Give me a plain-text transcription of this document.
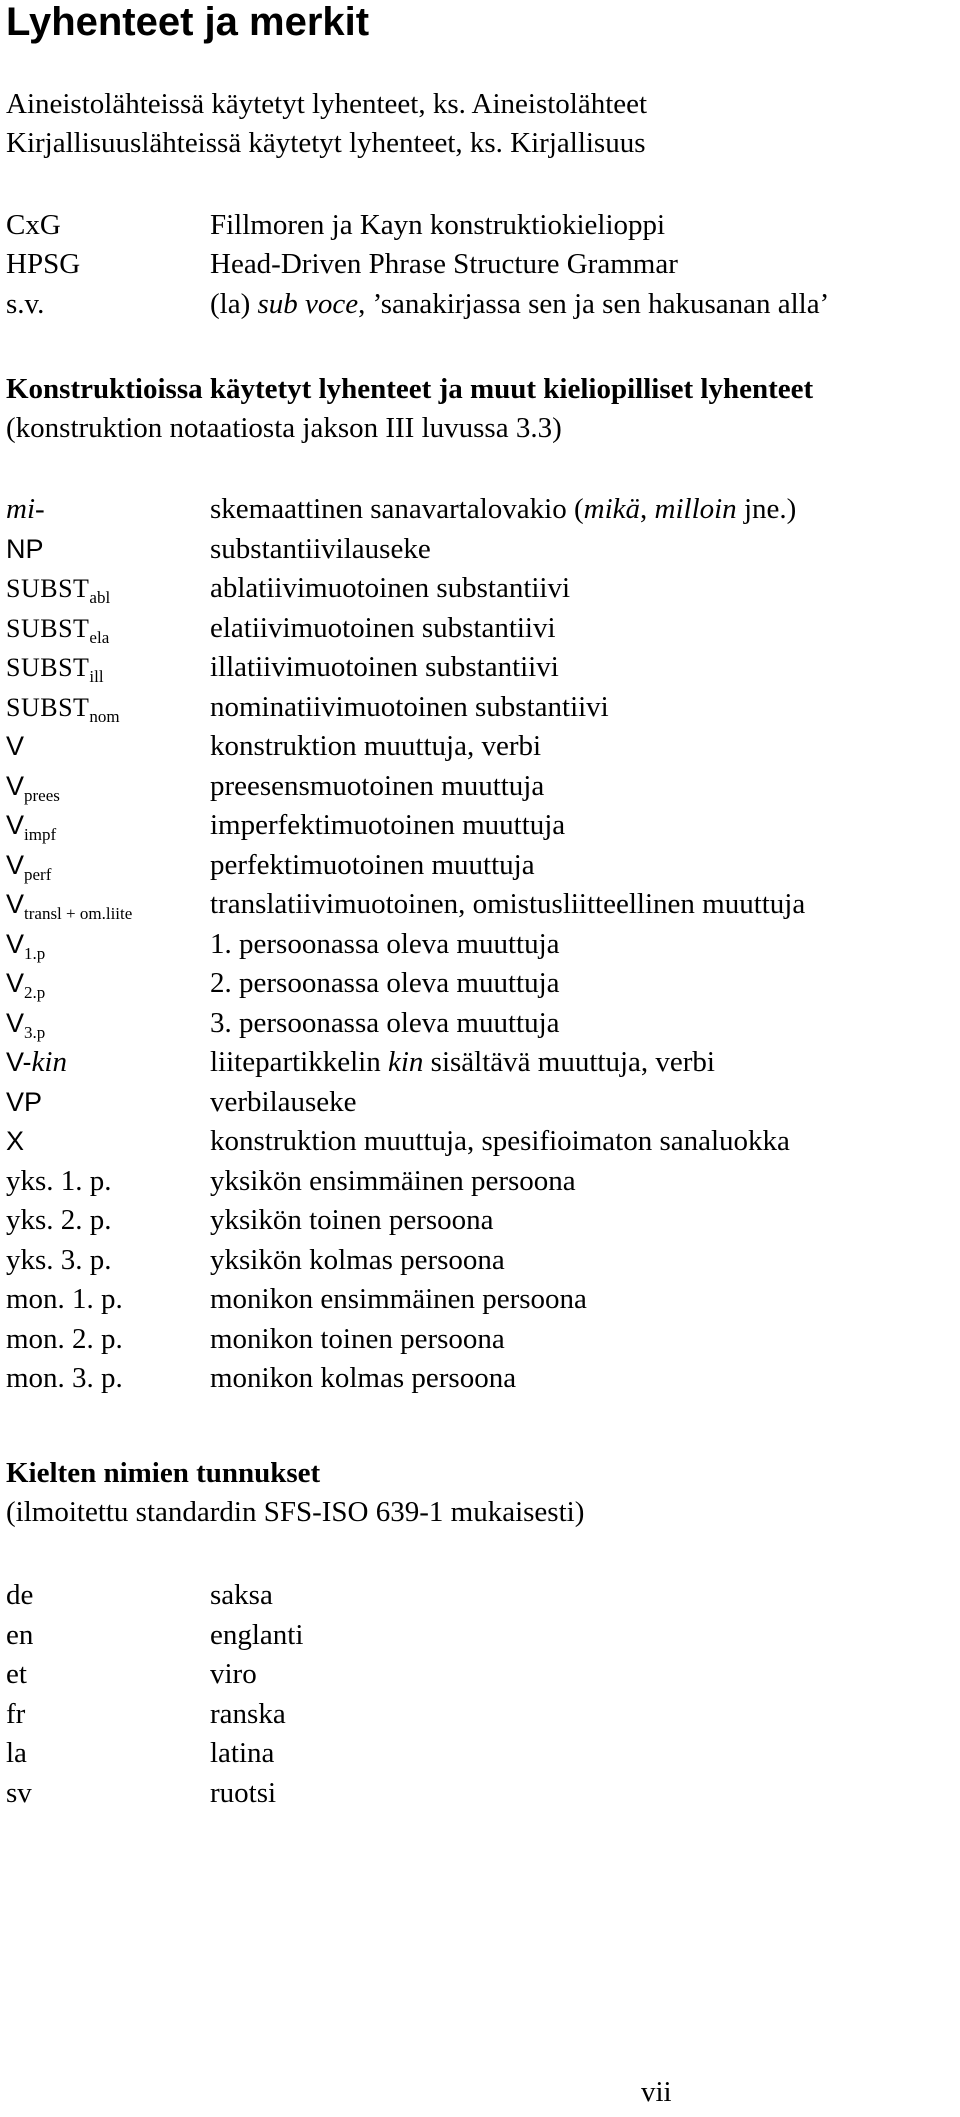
Lyhenteet ja merkit
Aineistolähteissä käytetyt lyhenteet, ks. Aineistolähteet
Kirjallisuuslähteissä käytetyt lyhenteet, ks. Kirjallisuus
CxG	Fillmoren ja Kayn konstruktiokielioppi
HPSG	Head-Driven Phrase Structure Grammar
s.v.	(la) sub voce, ’sanakirjassa sen ja sen hakusanan alla’
Konstruktioissa käytetyt lyhenteet ja muut kieliopilliset lyhenteet
(konstruktion notaatiosta jakson III luvussa 3.3)
mi-	skemaattinen sanavartalovakio (mikä, milloin jne.)
NP	substantiivilauseke
$SUBST_{abl}$	ablatiivimuotoinen substantiivi
$SUBST_{ela}$	elatiivimuotoinen substantiivi
$SUBST_{ill}$	illatiivimuotoinen substantiivi
$SUBST_{nom}$	nominatiivimuotoinen substantiivi
V	konstruktion muuttuja, verbi
$V_{prees}$	preesensmuotoinen muuttuja
$V_{impf}$	imperfektimuotoinen muuttuja
$V_{perf}$	perfektimuotoinen muuttuja
$V_{transl + om.liite}$	translatiivimuotoinen, omistusliitteellinen muuttuja
$V_{1.p}$	1. persoonassa oleva muuttuja
$V_{2.p}$	2. persoonassa oleva muuttuja
$V_{3.p}$	3. persoonassa oleva muuttuja
V-kin	liitepartikkelin kin sisältävä muuttuja, verbi
VP	verbilauseke
X	konstruktion muuttuja, spesifioimaton sanaluokka
yks. 1. p.	yksikön ensimmäinen persoona
yks. 2. p.	yksikön toinen persoona
yks. 3. p.	yksikön kolmas persoona
mon. 1. p.	monikon ensimmäinen persoona
mon. 2. p.	monikon toinen persoona
mon. 3. p.	monikon kolmas persoona
Kielten nimien tunnukset
(ilmoitettu standardin SFS-ISO 639-1 mukaisesti)
de	saksa
en	englanti
et	viro
fr	ranska
la	latina
sv	ruotsi
vii
